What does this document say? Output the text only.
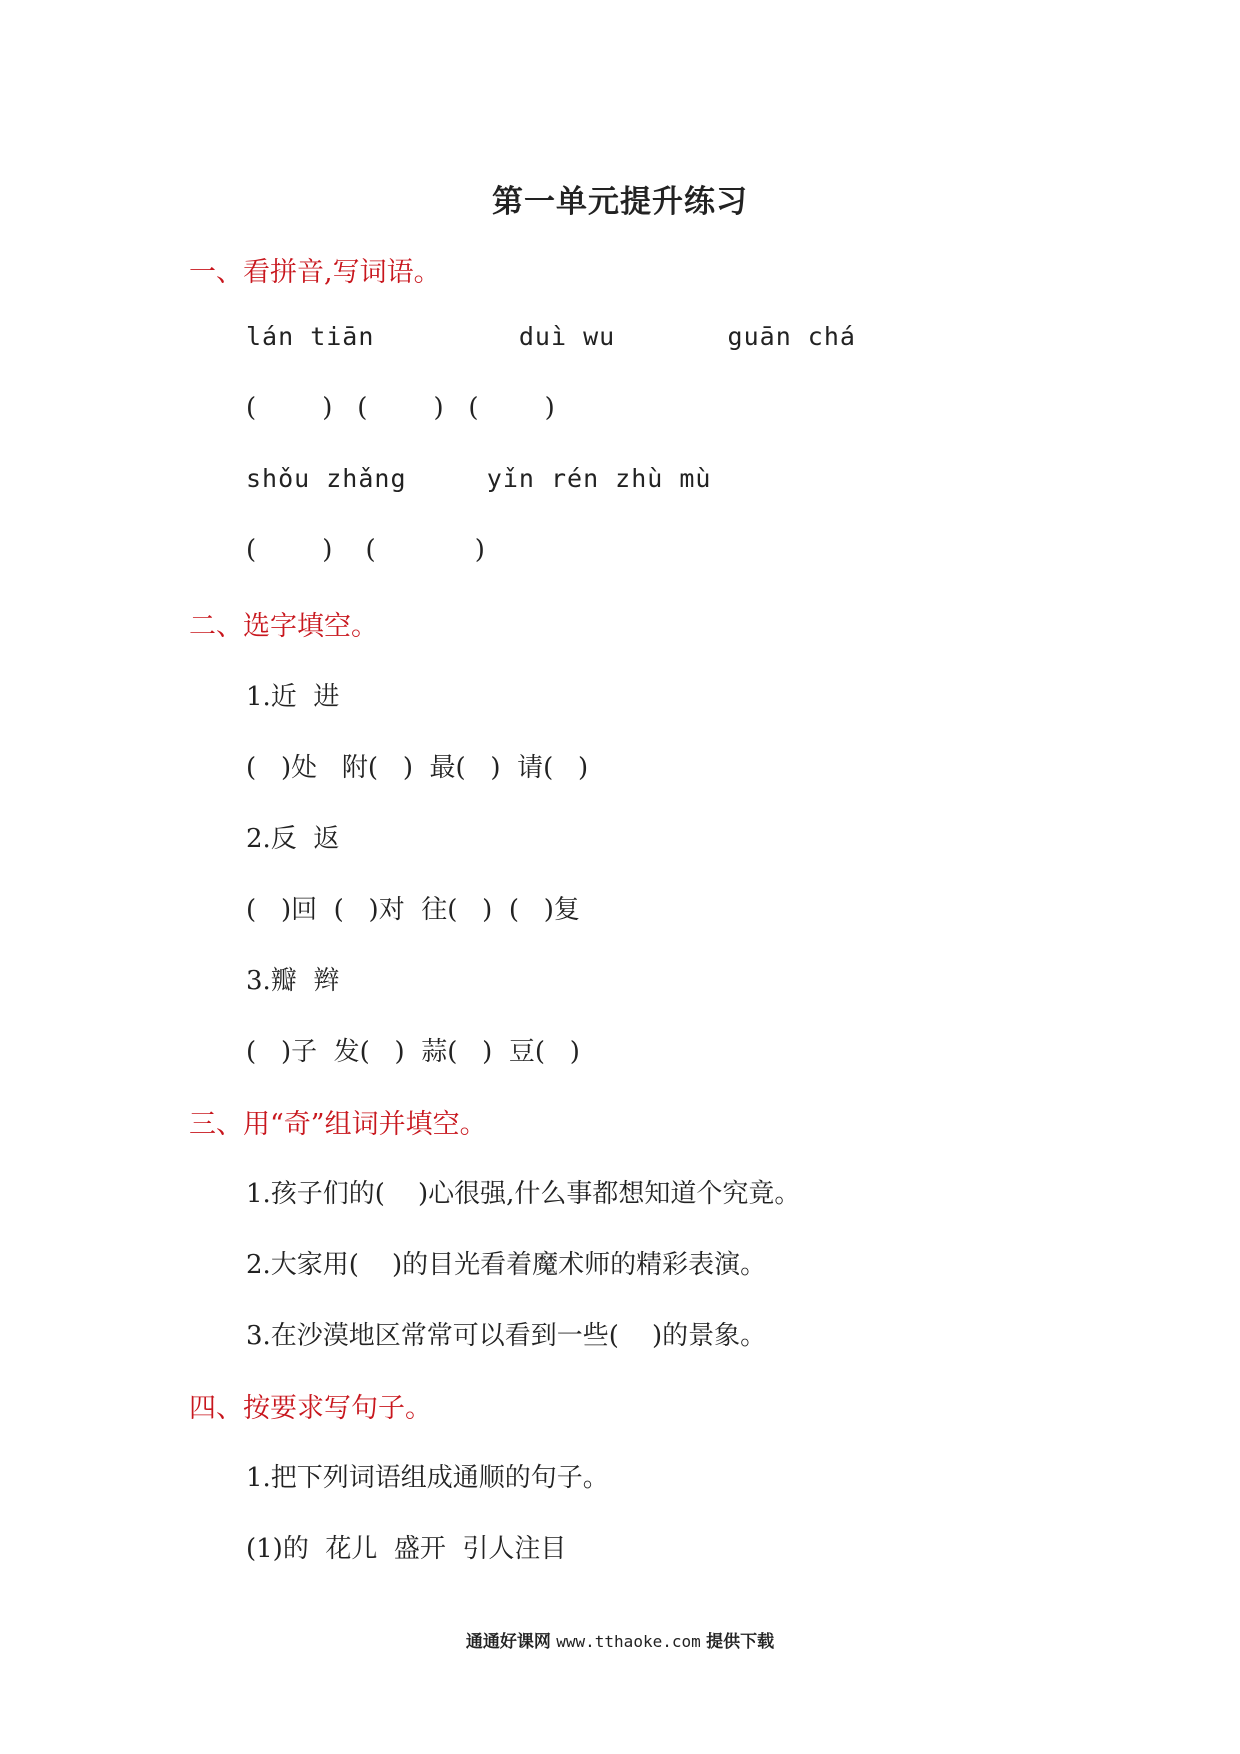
第一单元提升练习
一、看拼音,写词语。
lán tiān         duì wu       guān chá
(        )   (        )   (        )
shǒu zhǎng     yǐn rén zhù mù
(        )    (            )
二、选字填空。
1.近  进
(   )处   附(   )  最(   )  请(   )
2.反  返
(   )回  (   )对  往(   )  (   )复
3.瓣  辫
(   )子  发(   )  蒜(   )  豆(   )
三、用“奇”组词并填空。
1.孩子们的(    )心很强,什么事都想知道个究竟。
2.大家用(    )的目光看着魔术师的精彩表演。
3.在沙漠地区常常可以看到一些(    )的景象。
四、按要求写句子。
1.把下列词语组成通顺的句子。
(1)的  花儿  盛开  引人注目
通通好课网 www.tthaoke.com 提供下载
